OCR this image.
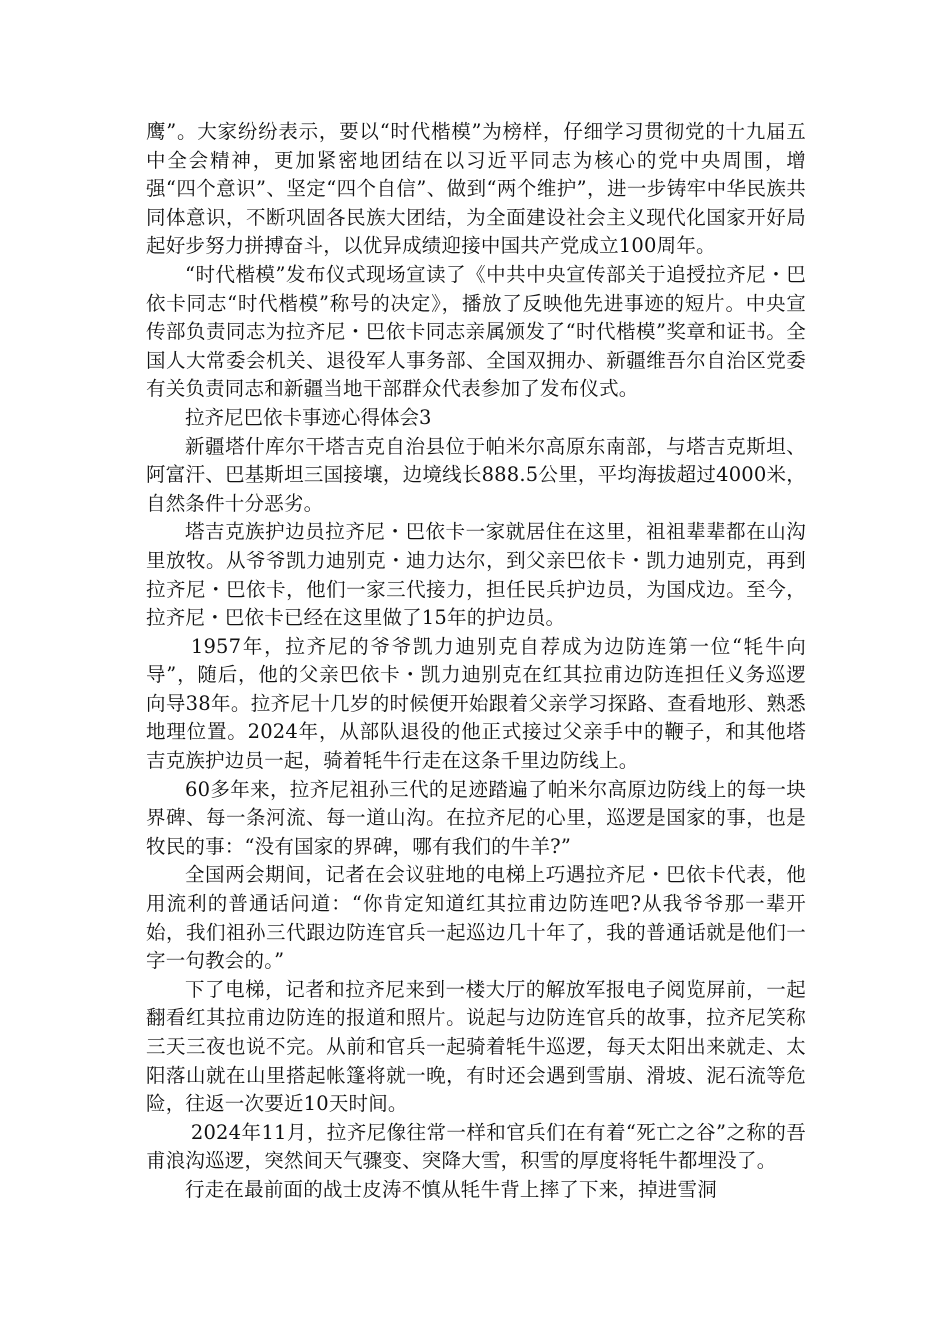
鹰”。大家纷纷表示，要以“时代楷模”为榜样，仔细学习贯彻党的十九届五中全会精神，更加紧密地团结在以习近平同志为核心的党中央周围，增强“四个意识”、坚定“四个自信”、做到“两个维护”，进一步铸牢中华民族共同体意识，不断巩固各民族大团结，为全面建设社会主义现代化国家开好局起好步努力拼搏奋斗，以优异成绩迎接中国共产党成立100周年。

“时代楷模”发布仪式现场宣读了《中共中央宣传部关于追授拉齐尼・巴依卡同志“时代楷模”称号的决定》，播放了反映他先进事迹的短片。中央宣传部负责同志为拉齐尼・巴依卡同志亲属颁发了“时代楷模”奖章和证书。全国人大常委会机关、退役军人事务部、全国双拥办、新疆维吾尔自治区党委有关负责同志和新疆当地干部群众代表参加了发布仪式。

拉齐尼巴依卡事迹心得体会3

新疆塔什库尔干塔吉克自治县位于帕米尔高原东南部，与塔吉克斯坦、阿富汗、巴基斯坦三国接壤，边境线长888.5公里，平均海拔超过4000米，自然条件十分恶劣。

塔吉克族护边员拉齐尼・巴依卡一家就居住在这里，祖祖辈辈都在山沟里放牧。从爷爷凯力迪别克・迪力达尔，到父亲巴依卡・凯力迪别克，再到拉齐尼・巴依卡，他们一家三代接力，担任民兵护边员，为国戍边。至今，拉齐尼・巴依卡已经在这里做了15年的护边员。

1957年，拉齐尼的爷爷凯力迪别克自荐成为边防连第一位“牦牛向导”，随后，他的父亲巴依卡・凯力迪别克在红其拉甫边防连担任义务巡逻向导38年。拉齐尼十几岁的时候便开始跟着父亲学习探路、查看地形、熟悉地理位置。2024年，从部队退役的他正式接过父亲手中的鞭子，和其他塔吉克族护边员一起，骑着牦牛行走在这条千里边防线上。

60多年来，拉齐尼祖孙三代的足迹踏遍了帕米尔高原边防线上的每一块界碑、每一条河流、每一道山沟。在拉齐尼的心里，巡逻是国家的事，也是牧民的事：“没有国家的界碑，哪有我们的牛羊?”

全国两会期间，记者在会议驻地的电梯上巧遇拉齐尼・巴依卡代表，他用流利的普通话问道：“你肯定知道红其拉甫边防连吧?从我爷爷那一辈开始，我们祖孙三代跟边防连官兵一起巡边几十年了，我的普通话就是他们一字一句教会的。”

下了电梯，记者和拉齐尼来到一楼大厅的解放军报电子阅览屏前，一起翻看红其拉甫边防连的报道和照片。说起与边防连官兵的故事，拉齐尼笑称三天三夜也说不完。从前和官兵一起骑着牦牛巡逻，每天太阳出来就走、太阳落山就在山里搭起帐篷将就一晚，有时还会遇到雪崩、滑坡、泥石流等危险，往返一次要近10天时间。

2024年11月，拉齐尼像往常一样和官兵们在有着“死亡之谷”之称的吾甫浪沟巡逻，突然间天气骤变、突降大雪，积雪的厚度将牦牛都埋没了。

行走在最前面的战士皮涛不慎从牦牛背上摔了下来，掉进雪洞
